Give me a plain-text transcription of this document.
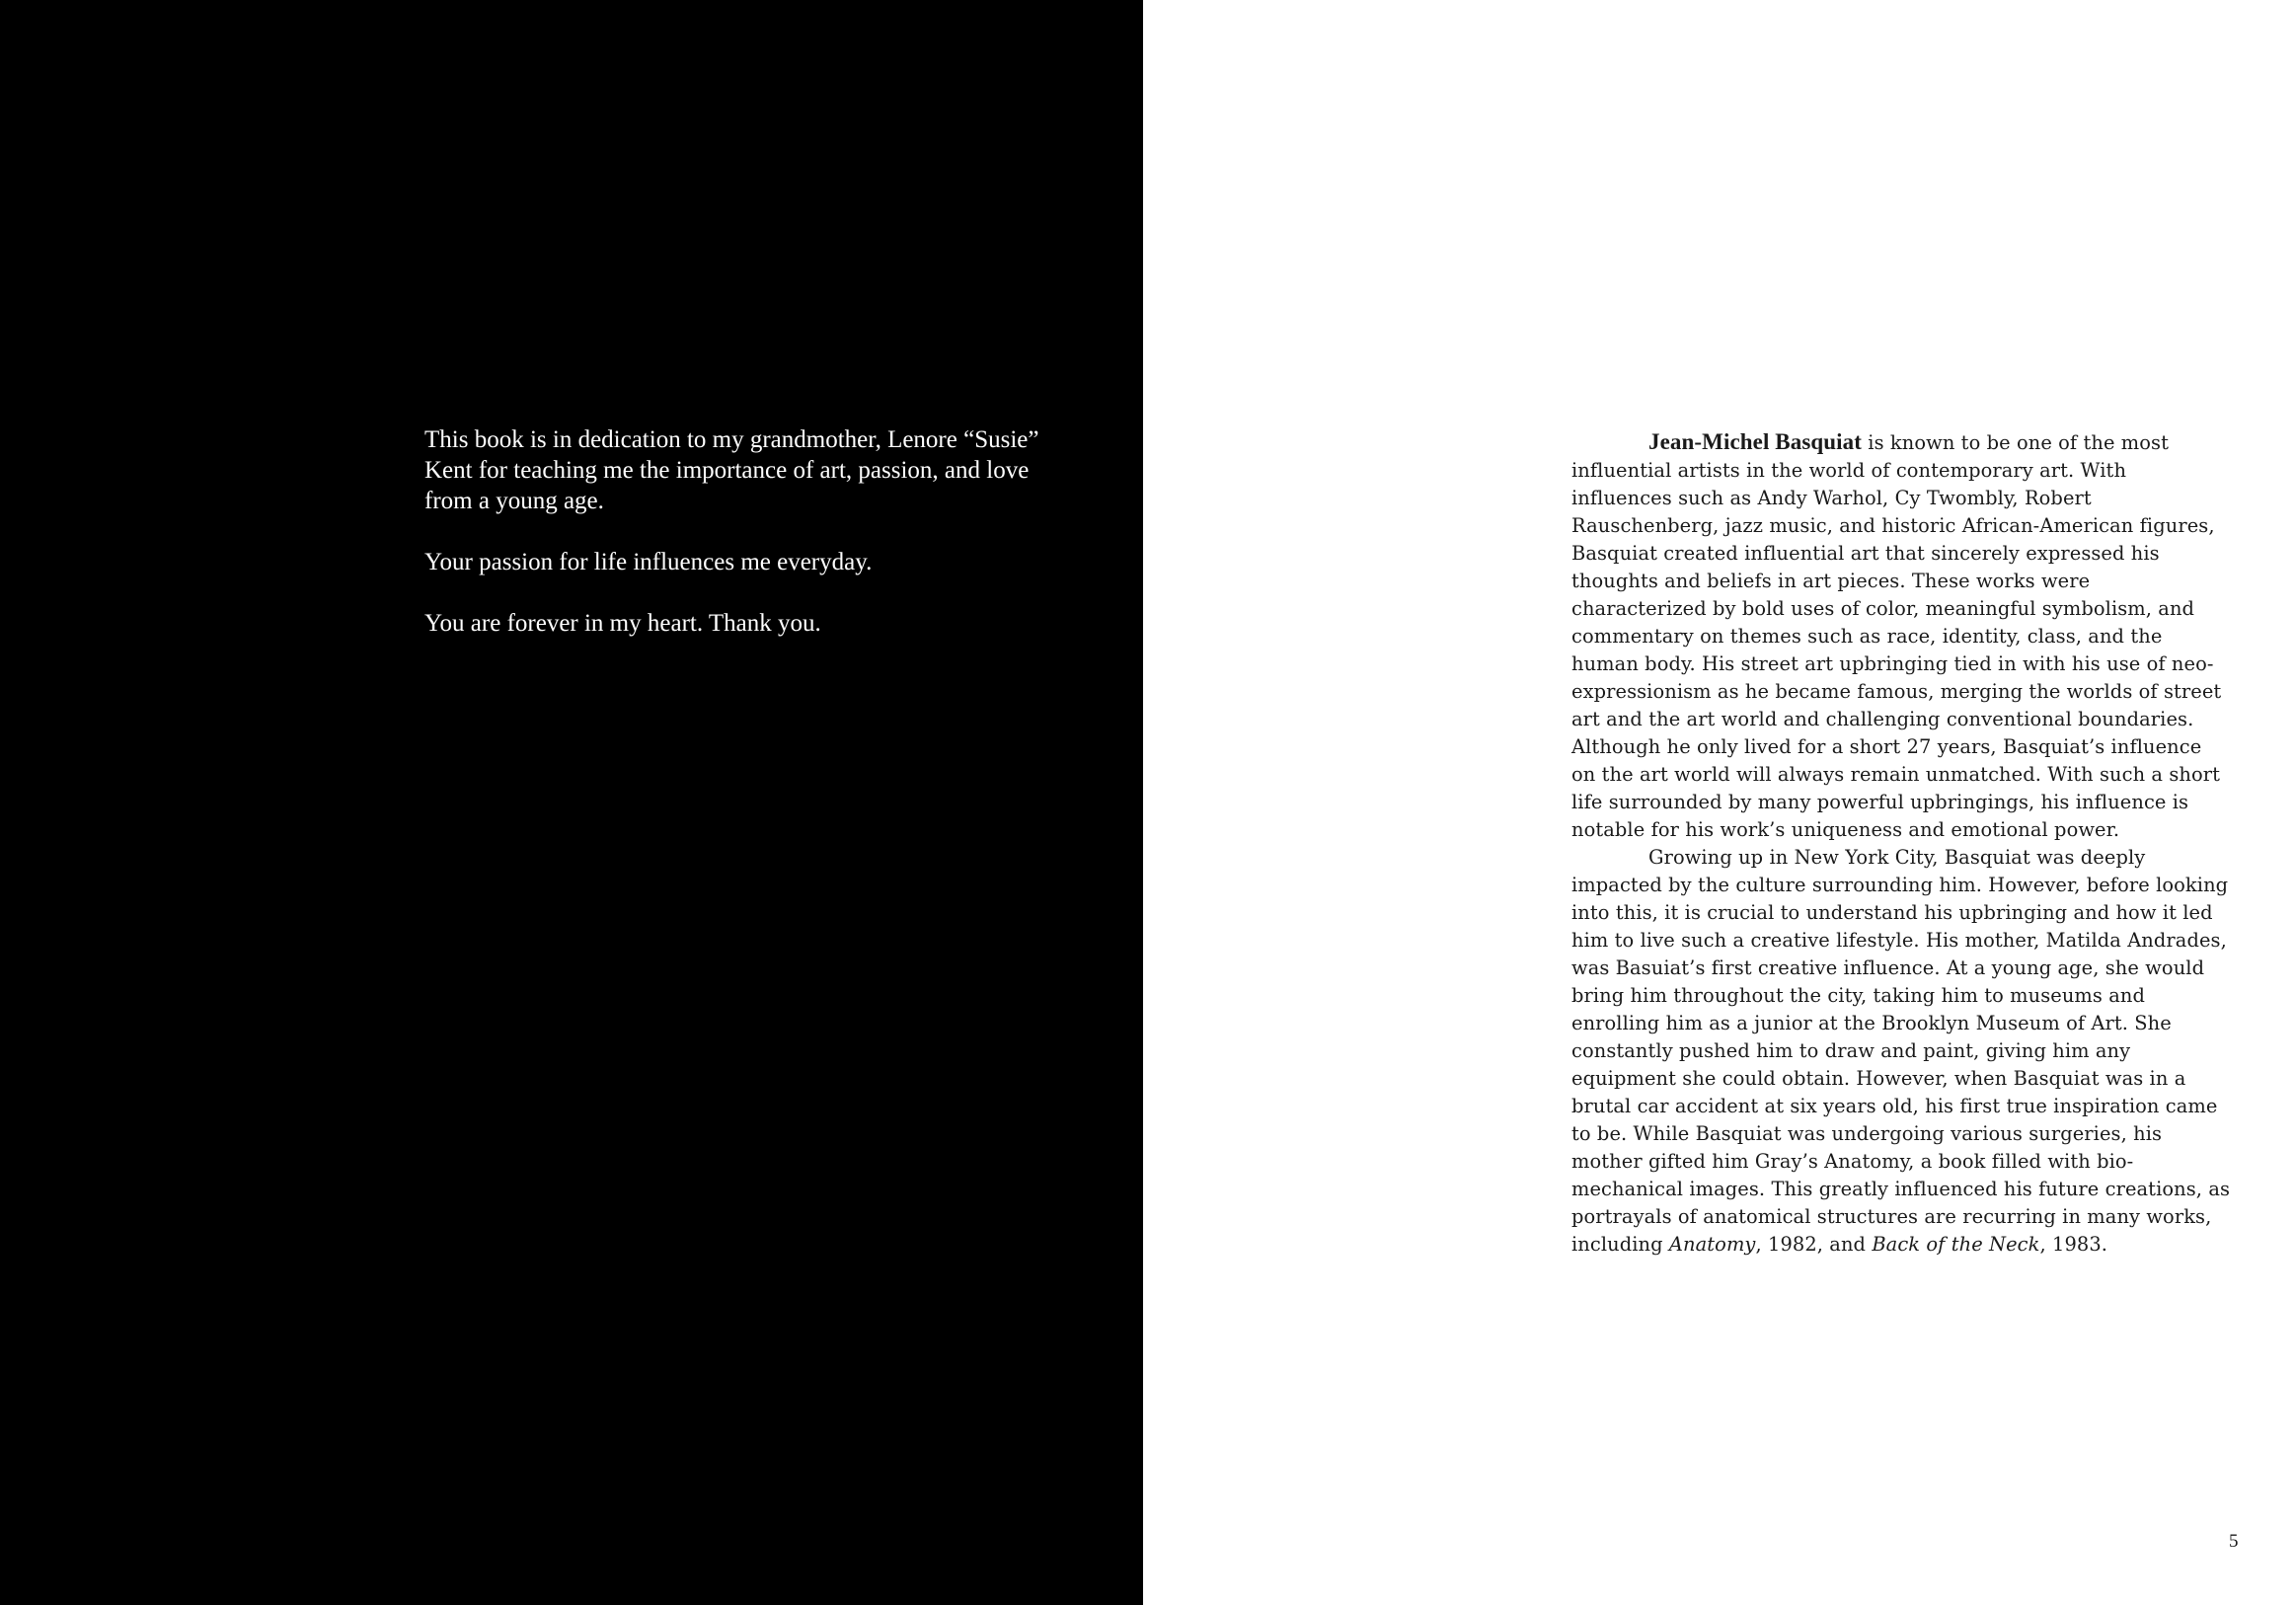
This book is in dedication to my grandmother, Lenore “Susie” Kent for teaching me the importance of art, passion, and love from a young age.

Your passion for life influences me everyday.

You are forever in my heart. Thank you.

Jean-Michel Basquiat is known to be one of the most influential artists in the world of contemporary art. With influences such as Andy Warhol, Cy Twombly, Robert Rauschenberg, jazz music, and historic African-American figures, Basquiat created influential art that sincerely expressed his thoughts and beliefs in art pieces. These works were characterized by bold uses of color, meaningful symbolism, and commentary on themes such as race, identity, class, and the human body. His street art upbringing tied in with his use of neo-expressionism as he became famous, merging the worlds of street art and the art world and challenging conventional boundaries. Although he only lived for a short 27 years, Basquiat’s influence on the art world will always remain unmatched. With such a short life surrounded by many powerful upbringings, his influence is notable for his work’s uniqueness and emotional power.

Growing up in New York City, Basquiat was deeply impacted by the culture surrounding him. However, before looking into this, it is crucial to understand his upbringing and how it led him to live such a creative lifestyle. His mother, Matilda Andrades, was Basuiat’s first creative influence. At a young age, she would bring him throughout the city, taking him to museums and enrolling him as a junior at the Brooklyn Museum of Art. She constantly pushed him to draw and paint, giving him any equipment she could obtain. However, when Basquiat was in a brutal car accident at six years old, his first true inspiration came to be. While Basquiat was undergoing various surgeries, his mother gifted him Gray’s Anatomy, a book filled with bio-mechanical images. This greatly influenced his future creations, as portrayals of anatomical structures are recurring in many works, including Anatomy, 1982, and Back of the Neck, 1983.

5
